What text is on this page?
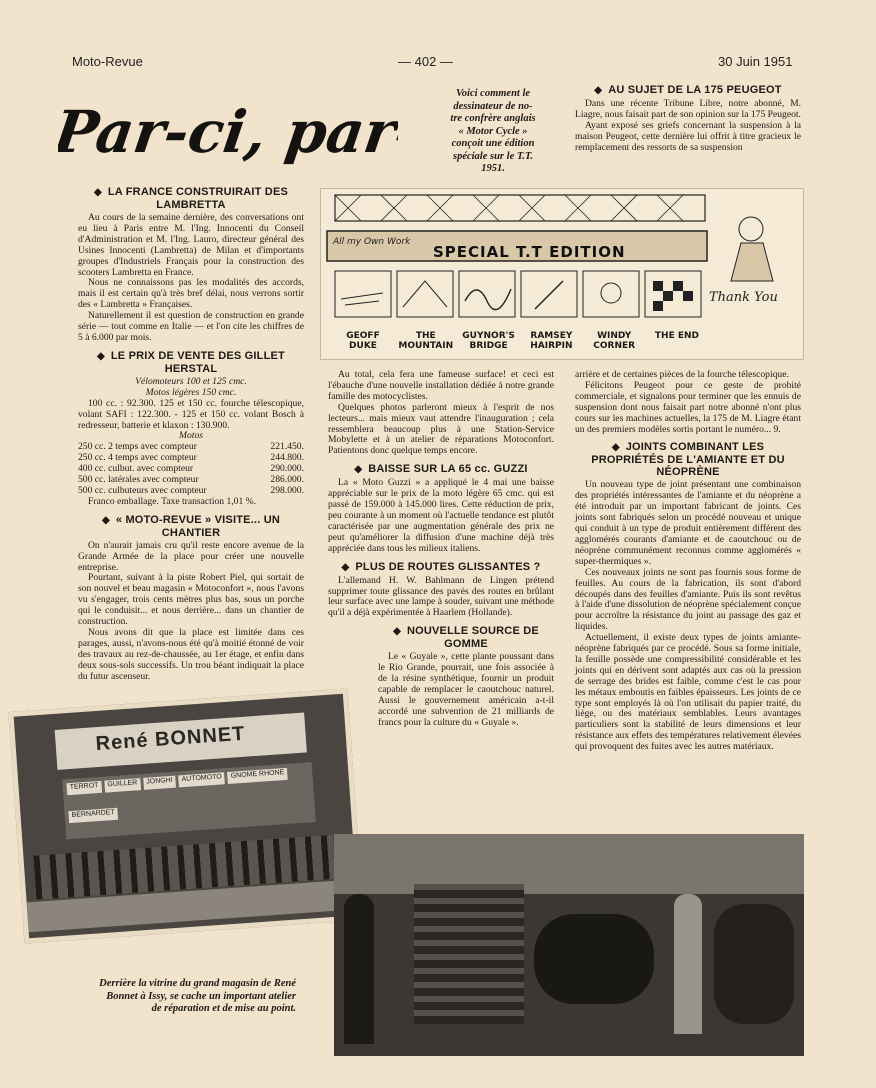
Moto-Revue	— 402 —	30 Juin 1951
Par-ci, par-là
Voici comment le
dessinateur de no-
tre confrère anglais
« Motor Cycle »
conçoit une édition
spéciale sur le T.T.
1951.
◆ AU SUJET DE LA 175 PEUGEOT

Dans une récente Tribune Libre, notre abonné, M. Liagre, nous faisait part de son opinion sur la 175 Peugeot.

Ayant exposé ses griefs concernant la suspension à la maison Peugeot, cette dernière lui offrit à titre gracieux le remplacement des ressorts de sa suspension

All my Own Work
SPECIAL T.T EDITION
Thank You
GEOFF DUKE
THE MOUNTAIN
GUYNOR'S BRIDGE
RAMSEY HAIRPIN
WINDY CORNER
THE END
◆ LA FRANCE CONSTRUIRAIT DES LAMBRETTA

Au cours de la semaine dernière, des conversations ont eu lieu à Paris entre M. l'Ing. Innocenti du Conseil d'Administration et M. l'Ing. Lauro, directeur général des Usines Innocenti (Lambretta) de Milan et d'importants groupes d'Industriels Français pour la construction des scooters Lambretta en France.

Nous ne connaissons pas les modalités des accords, mais il est certain qu'à très bref délai, nous verrons sortir des « Lambretta » Françaises.

Naturellement il est question de construction en grande série — tout comme en Italie — et l'on cite les chiffres de 5 à 6.000 par mois.

◆ LE PRIX DE VENTE DES GILLET HERSTAL

Vélomoteurs 100 et 125 cmc.

Motos légères 150 cmc.

100 cc. : 92.300. 125 et 150 cc. fourche télescopique, volant SAFI : 122.300. - 125 et 150 cc. volant Bosch à redresseur, batterie et klaxon : 130.900.

Motos

250 cc. 2 temps avec compteur	221.450.
250 cc. 4 temps avec compteur	244.800.
400 cc. culbut. avec compteur	290.000.
500 cc. latérales avec compteur	286.000.
500 cc. culbuteurs avec compteur	298.000.

Franco emballage. Taxe transaction 1,01 %.

◆ « MOTO-REVUE » VISITE... UN CHANTIER

On n'aurait jamais cru qu'il reste encore avenue de la Grande Armée de la place pour créer une nouvelle entreprise.

Pourtant, suivant à la piste Robert Piel, qui sortait de son nouvel et beau magasin « Motoconfort », nous l'avons vu s'engager, trois cents mètres plus bas, sous un porche qui le conduisit... et nous derrière... dans un chantier de construction.

Nous avons dit que la place est limitée dans ces parages, aussi, n'avons-nous été qu'à moitié étonné de voir des travaux au rez-de-chaussée, au 1er étage, et enfin dans deux sous-sols successifs. Un trou béant indiquait la place du futur ascenseur.

Au total, cela fera une fameuse surface! et ceci est l'ébauche d'une nouvelle installation dédiée à notre grande famille des motocyclistes.

Quelques photos parleront mieux à l'esprit de nos lecteurs... mais mieux vaut attendre l'inauguration ; cela ressemblera beaucoup plus à une Station-Service Mobylette et à un atelier de réparations Motoconfort. Patientons donc quelque temps encore.

◆ BAISSE SUR LA 65 cc. GUZZI

La « Moto Guzzi » a appliqué le 4 mai une baisse appréciable sur le prix de la moto légère 65 cmc. qui est passé de 159.000 à 145.000 lires. Cette réduction de prix, peu courante à un moment où l'actuelle tendance est plutôt caractérisée par une augmentation générale des prix ne peut qu'améliorer la diffusion d'une machine déjà très appréciée dans tous les milieux italiens.

◆ PLUS DE ROUTES GLISSANTES ?

L'allemand H. W. Bahlmann de Lingen prétend supprimer toute glissance des pavés des routes en brûlant leur surface avec une lampe à souder, suivant une méthode qu'il a déjà expérimentée à Haarlem (Hollande).

◆ NOUVELLE SOURCE DE GOMME

Le « Guyale », cette plante poussant dans le Rio Grande, pourrait, une fois associée à de la résine synthétique, fournir un produit capable de remplacer le caoutchouc naturel. Aussi le gouvernement américain a-t-il accordé une subvention de 21 milliards de francs pour la culture du « Guyale ».

arrière et de certaines pièces de la fourche télescopique.

Félicitons Peugeot pour ce geste de probité commerciale, et signalons pour terminer que les ennuis de suspension dont nous faisait part notre abonné n'ont plus cours sur les machines actuelles, la 175 de M. Liagre étant un des premiers modèles sortis portant le numéro... 9.

◆ JOINTS COMBINANT LES PROPRIÉTÉS DE L'AMIANTE ET DU NÉOPRÈNE

Un nouveau type de joint présentant une combinaison des propriétés intéressantes de l'amiante et du néoprène a été introduit par un important fabricant de joints. Ces joints sont fabriqués selon un procédé nouveau et unique qui conduit à un type de produit entièrement différent des agglomérés courants d'amiante et de caoutchouc ou de néoprène communément reconnus comme agglomérés « super-thermiques ».

Ces nouveaux joints ne sont pas fournis sous forme de feuilles. Au cours de la fabrication, ils sont d'abord découpés dans des feuilles d'amiante. Puis ils sont revêtus à l'aide d'une dissolution de néoprène spécialement conçue pour accroître la résistance du joint au passage des gaz et liquides.

Actuellement, il existe deux types de joints amiante-néoprène fabriqués par ce procédé. Sous sa forme initiale, la feuille possède une compressibilité considérable et les joints qui en dérivent sont adaptés aux cas où la pression de serrage des brides est faible, comme c'est le cas pour les métaux emboutis en faibles épaisseurs. Les joints de ce type sont employés là où l'on utilisait du papier traité, du liège, ou des matériaux semblables. Leurs avantages particuliers sont la stabilité de leurs dimensions et leur résistance aux effets des températures relativement élevées qui provoquent des fuites avec les autres matériaux.

René BONNET
TERROT	GUILLER	JONGHI	AUTOMOTO	GNOME RHONE
BERNARDET
Derrière la vitrine du grand magasin de René Bonnet à Issy, se cache un important atelier de réparation et de mise au point.
